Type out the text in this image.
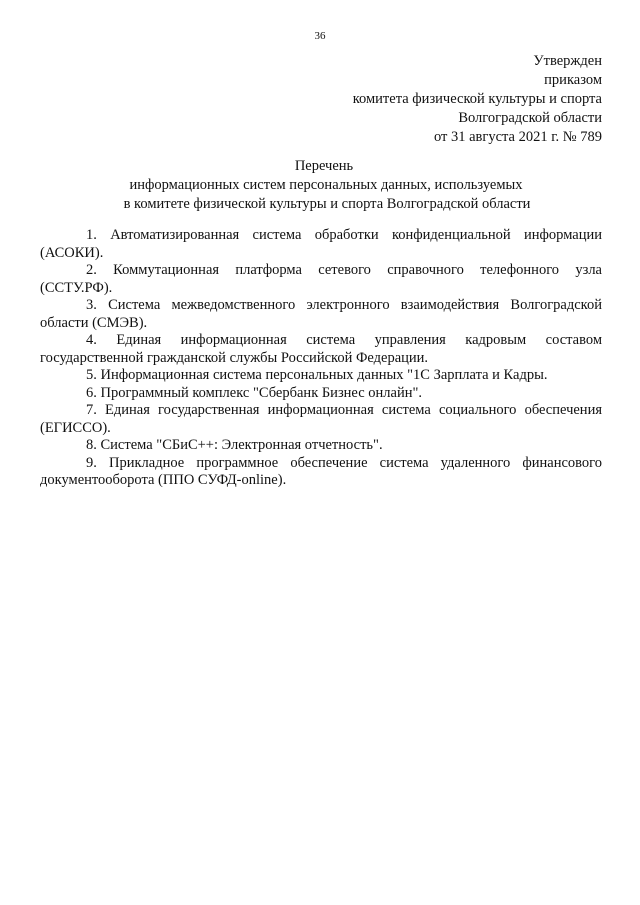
36
Утвержден
приказом
комитета физической культуры и спорта
Волгоградской области
от 31 августа 2021 г. № 789
Перечень
информационных систем персональных данных, используемых
в комитете физической культуры и спорта Волгоградской области
1. Автоматизированная система обработки конфиденциальной информации
(АСОКИ).
2. Коммутационная платформа сетевого справочного телефонного узла
(ССТУ.РФ).
3. Система межведомственного электронного взаимодействия Волгоградской
области (СМЭВ).
4. Единая информационная система управления кадровым составом
государственной гражданской службы Российской Федерации.
5. Информационная система персональных данных "1С Зарплата и Кадры.
6. Программный комплекс "Сбербанк Бизнес онлайн".
7. Единая государственная информационная система социального обеспечения
(ЕГИССО).
8. Система "СБиС++: Электронная отчетность".
9. Прикладное программное обеспечение система удаленного финансового
документооборота (ППО СУФД-online).
